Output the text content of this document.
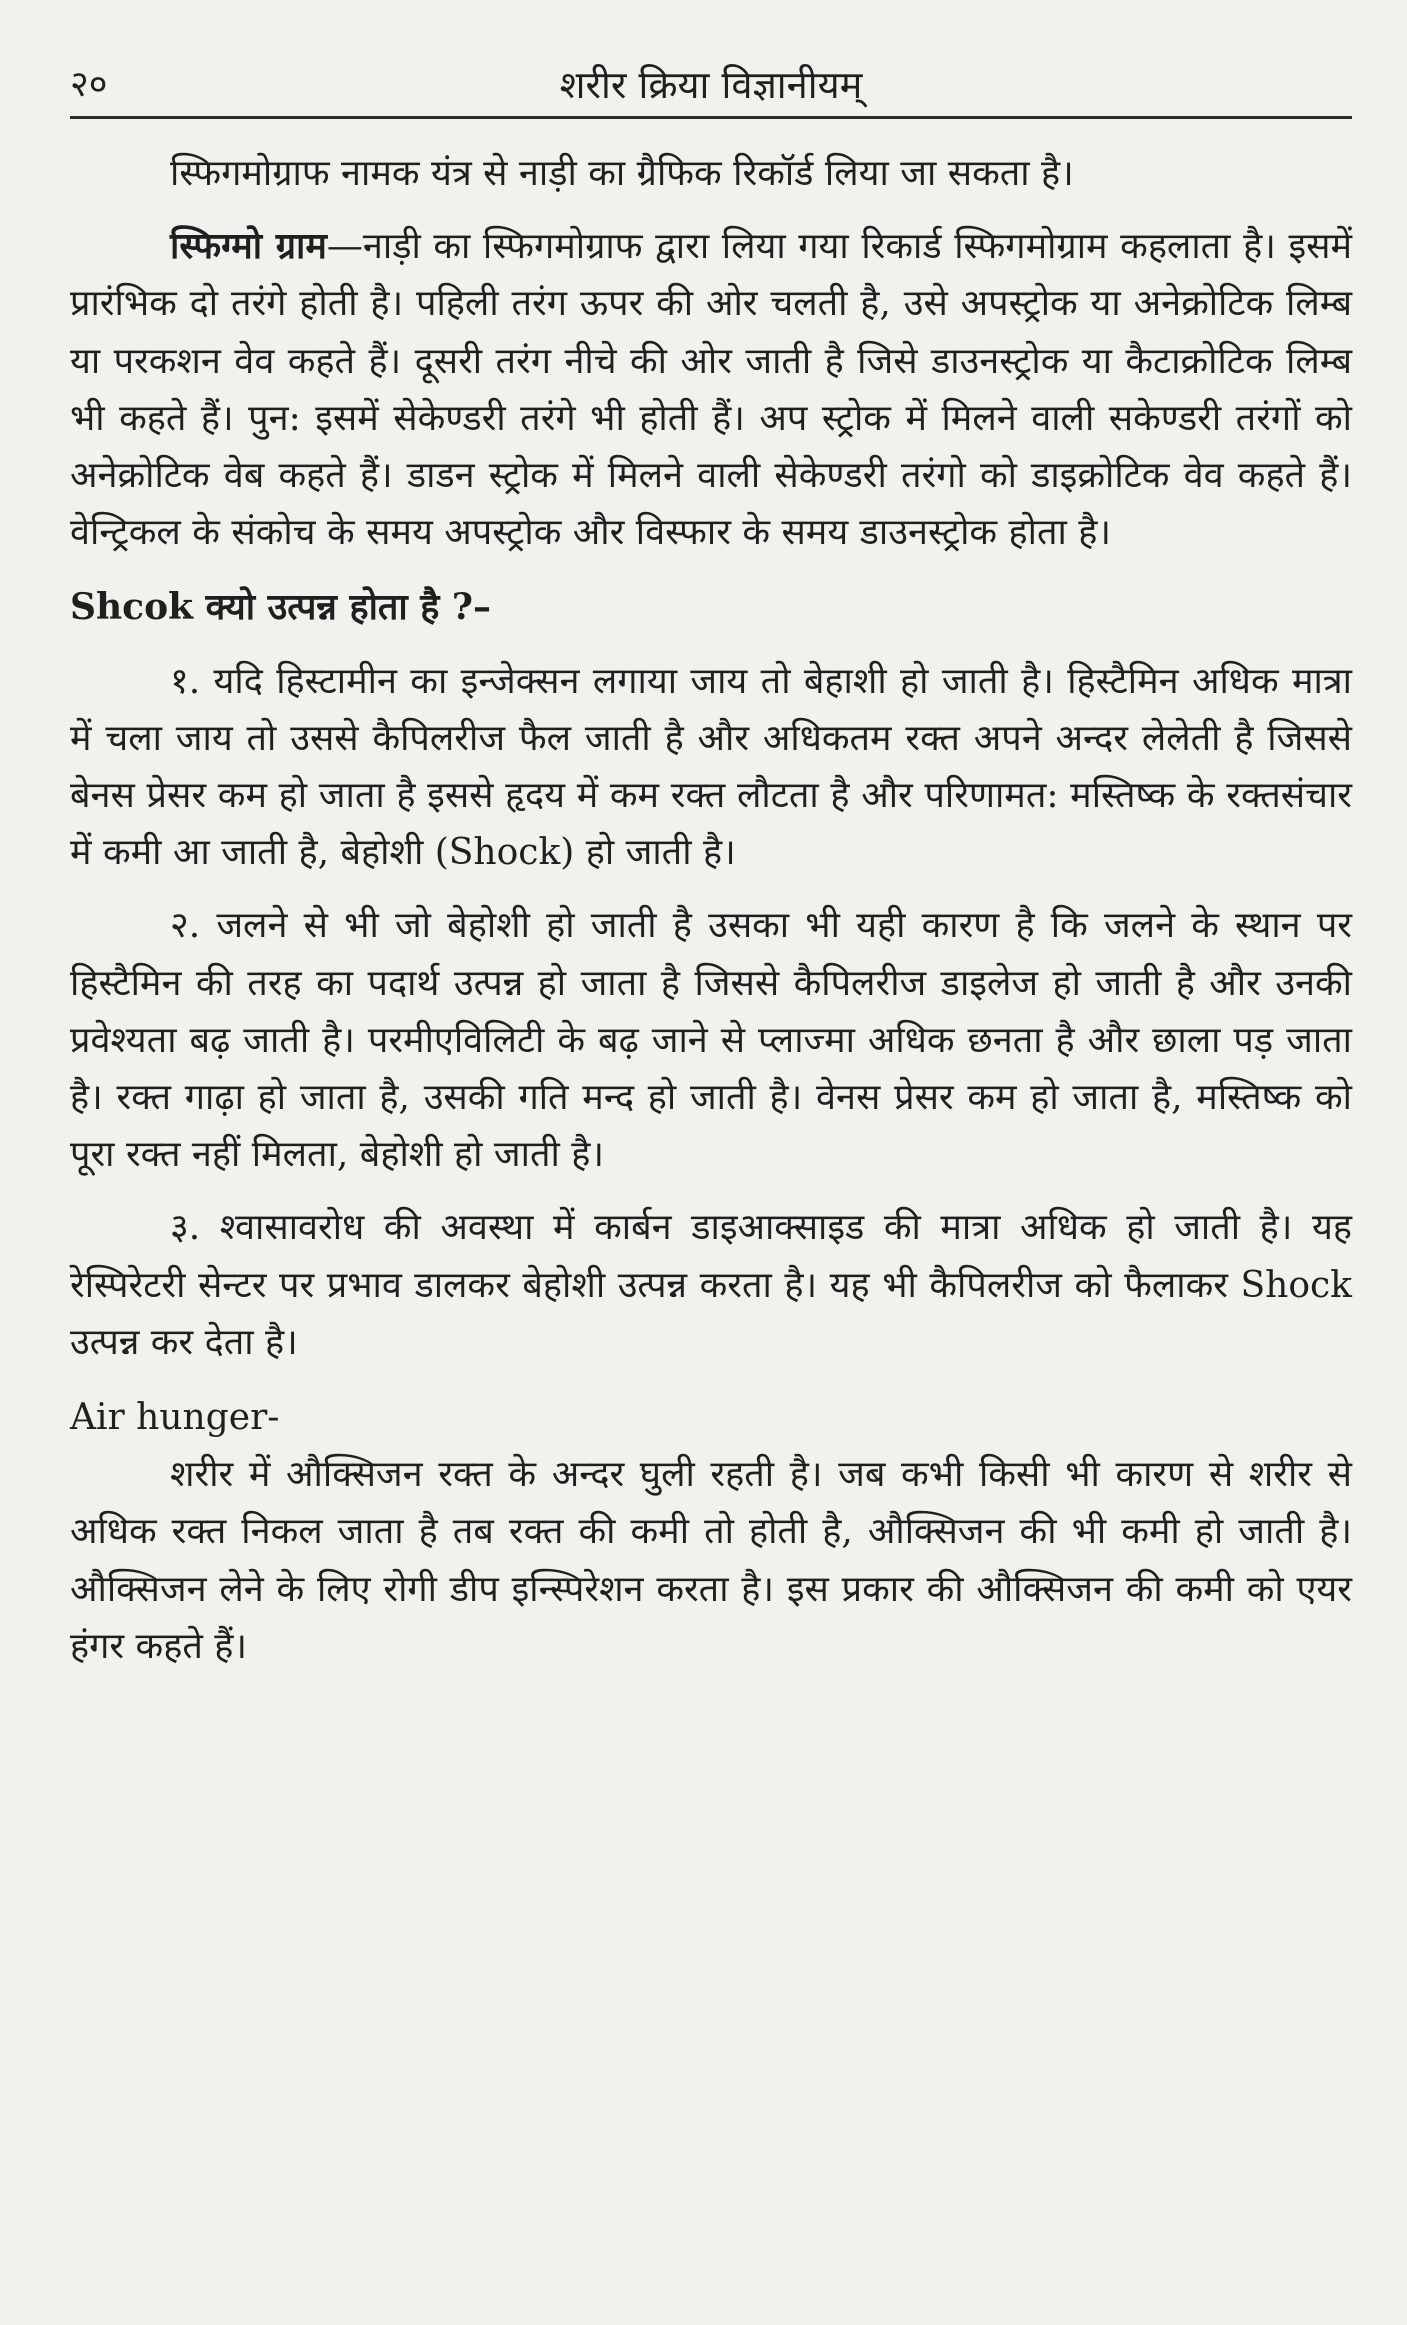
२०	शरीर क्रिया विज्ञानीयम्

स्फिगमोग्राफ नामक यंत्र से नाड़ी का ग्रैफिक रिकॉर्ड लिया जा सकता है।

स्फिग्मो ग्राम—नाड़ी का स्फिगमोग्राफ द्वारा लिया गया रिकार्ड स्फिगमोग्राम कहलाता है। इसमें प्रारंभिक दो तरंगे होती है। पहिली तरंग ऊपर की ओर चलती है, उसे अपस्ट्रोक या अनेक्रोटिक लिम्ब या परकशन वेव कहते हैं। दूसरी तरंग नीचे की ओर जाती है जिसे डाउनस्ट्रोक या कैटाक्रोटिक लिम्ब भी कहते हैं। पुन: इसमें सेकेण्डरी तरंगे भी होती हैं। अप स्ट्रोक में मिलने वाली सकेण्डरी तरंगों को अनेक्रोटिक वेब कहते हैं। डाडन स्ट्रोक में मिलने वाली सेकेण्डरी तरंगो को डाइक्रोटिक वेव कहते हैं। वेन्ट्रिकल के संकोच के समय अपस्ट्रोक और विस्फार के समय डाउनस्ट्रोक होता है।

Shcok क्यो उत्पन्न होता है ?–

१. यदि हिस्टामीन का इन्जेक्सन लगाया जाय तो बेहाशी हो जाती है। हिस्टैमिन अधिक मात्रा में चला जाय तो उससे कैपिलरीज फैल जाती है और अधिकतम रक्त अपने अन्दर लेलेती है जिससे बेनस प्रेसर कम हो जाता है इससे हृदय में कम रक्त लौटता है और परिणामत: मस्तिष्क के रक्तसंचार में कमी आ जाती है, बेहोशी (Shock) हो जाती है।

२. जलने से भी जो बेहोशी हो जाती है उसका भी यही कारण है कि जलने के स्थान पर हिस्टैमिन की तरह का पदार्थ उत्पन्न हो जाता है जिससे कैपिलरीज डाइलेज हो जाती है और उनकी प्रवेश्यता बढ़ जाती है। परमीएविलिटी के बढ़ जाने से प्लाज्मा अधिक छनता है और छाला पड़ जाता है। रक्त गाढ़ा हो जाता है, उसकी गति मन्द हो जाती है। वेनस प्रेसर कम हो जाता है, मस्तिष्क को पूरा रक्त नहीं मिलता, बेहोशी हो जाती है।

३. श्वासावरोध की अवस्था में कार्बन डाइआक्साइड की मात्रा अधिक हो जाती है। यह रेस्पिरेटरी सेन्टर पर प्रभाव डालकर बेहोशी उत्पन्न करता है। यह भी कैपिलरीज को फैलाकर Shock उत्पन्न कर देता है।

Air hunger-

शरीर में औक्सिजन रक्त के अन्दर घुली रहती है। जब कभी किसी भी कारण से शरीर से अधिक रक्त निकल जाता है तब रक्त की कमी तो होती है, औक्सिजन की भी कमी हो जाती है। औक्सिजन लेने के लिए रोगी डीप इन्स्पिरेशन करता है। इस प्रकार की औक्सिजन की कमी को एयर हंगर कहते हैं।
